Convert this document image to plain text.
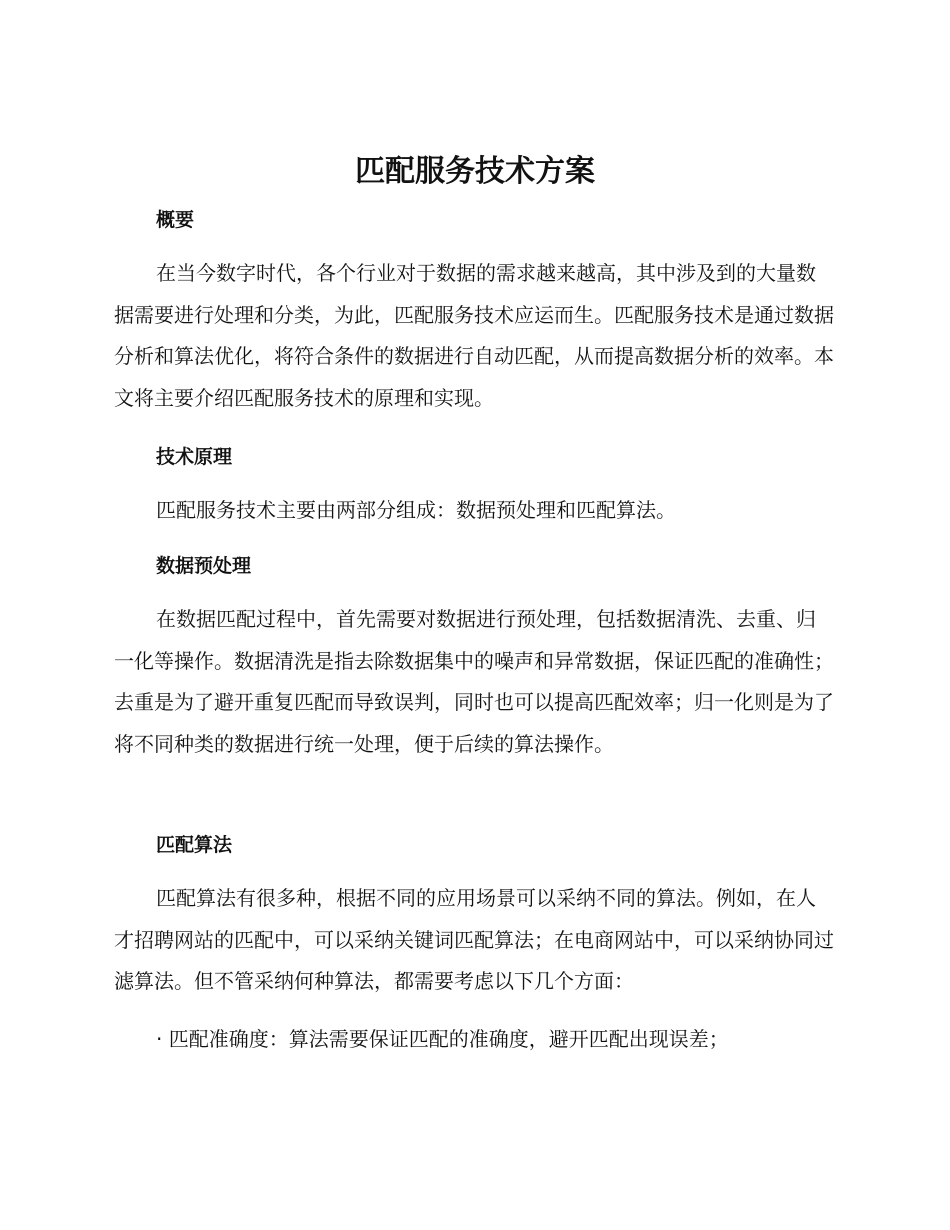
匹配服务技术方案
概要

在当今数字时代，各个行业对于数据的需求越来越高，其中涉及到的大量数据需要进行处理和分类，为此，匹配服务技术应运而生。匹配服务技术是通过数据分析和算法优化，将符合条件的数据进行自动匹配，从而提高数据分析的效率。本文将主要介绍匹配服务技术的原理和实现。

技术原理

匹配服务技术主要由两部分组成：数据预处理和匹配算法。

数据预处理

在数据匹配过程中，首先需要对数据进行预处理，包括数据清洗、去重、归一化等操作。数据清洗是指去除数据集中的噪声和异常数据，保证匹配的准确性；去重是为了避开重复匹配而导致误判，同时也可以提高匹配效率；归一化则是为了将不同种类的数据进行统一处理，便于后续的算法操作。

匹配算法

匹配算法有很多种，根据不同的应用场景可以采纳不同的算法。例如，在人才招聘网站的匹配中，可以采纳关键词匹配算法；在电商网站中，可以采纳协同过滤算法。但不管采纳何种算法，都需要考虑以下几个方面：

· 匹配准确度：算法需要保证匹配的准确度，避开匹配出现误差；
